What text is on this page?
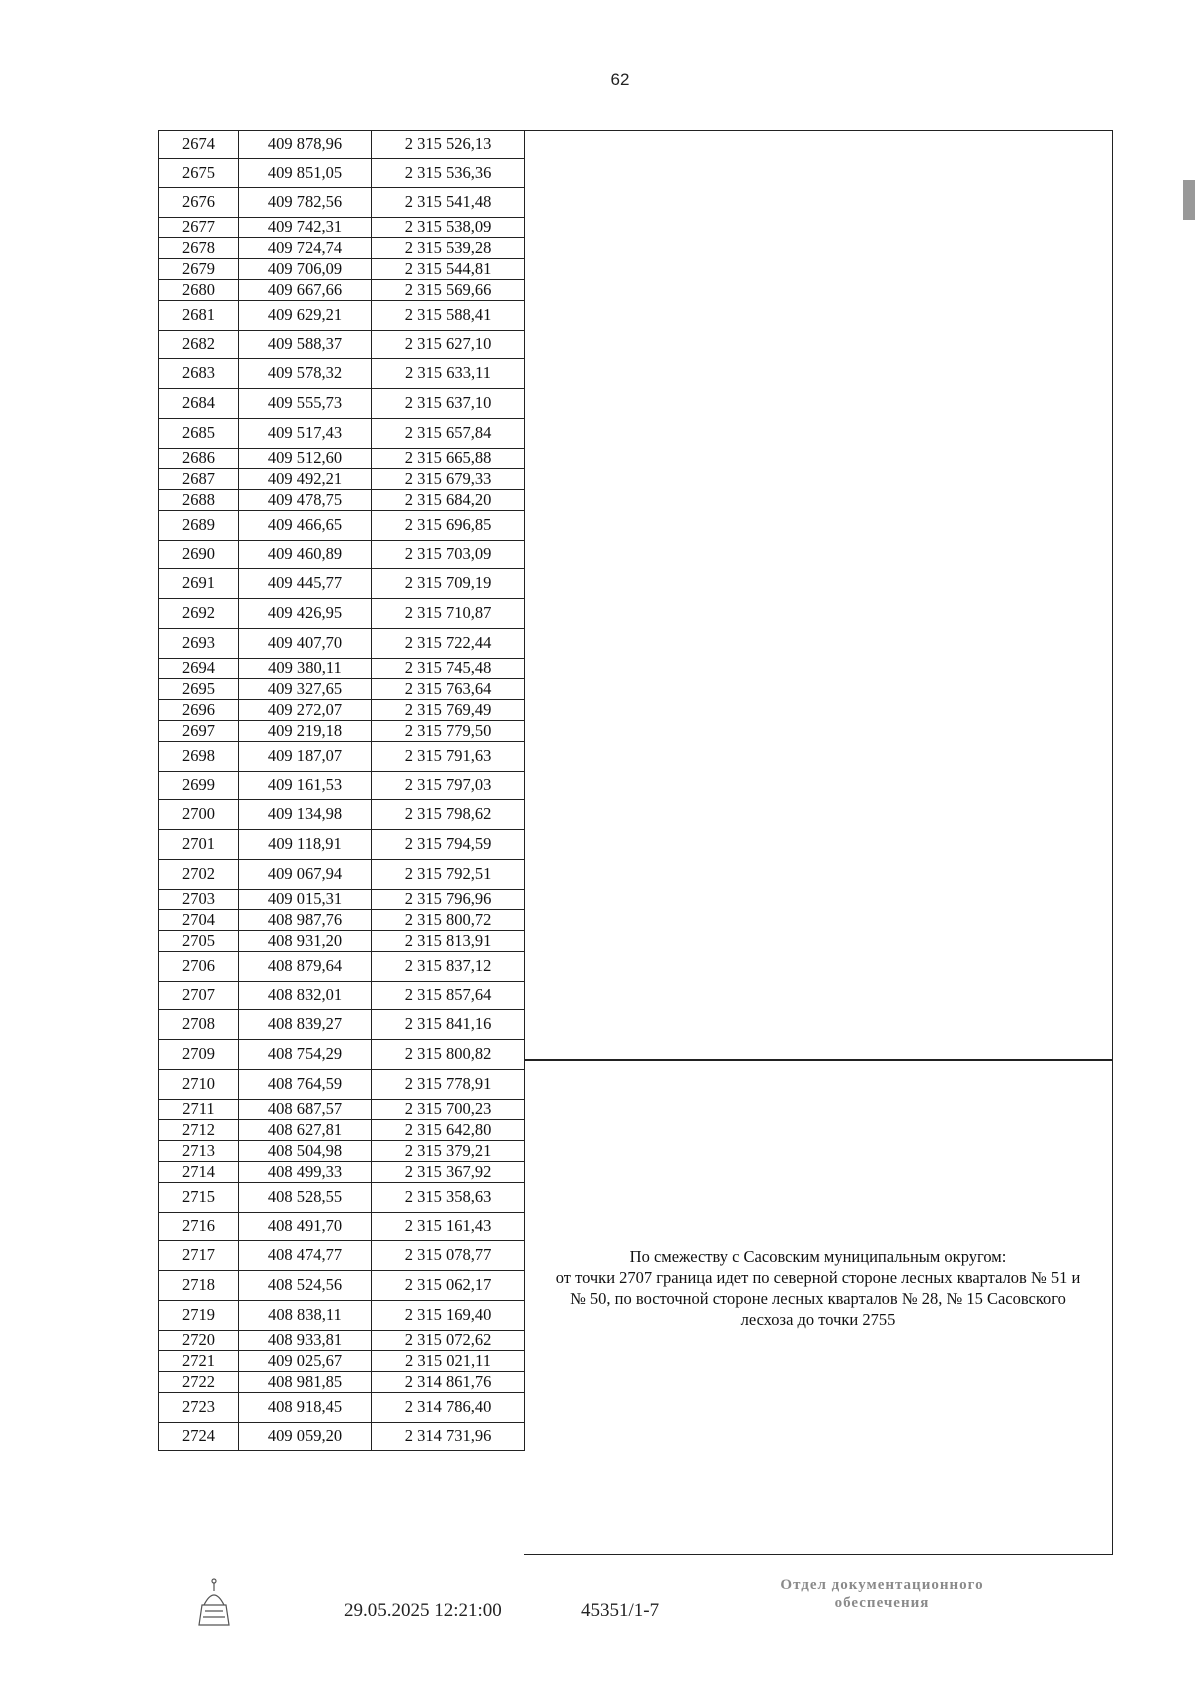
62
2674	409 878,96	2 315 526,13
2675	409 851,05	2 315 536,36
2676	409 782,56	2 315 541,48
2677	409 742,31	2 315 538,09
2678	409 724,74	2 315 539,28
2679	409 706,09	2 315 544,81
2680	409 667,66	2 315 569,66
2681	409 629,21	2 315 588,41
2682	409 588,37	2 315 627,10
2683	409 578,32	2 315 633,11
2684	409 555,73	2 315 637,10
2685	409 517,43	2 315 657,84
2686	409 512,60	2 315 665,88
2687	409 492,21	2 315 679,33
2688	409 478,75	2 315 684,20
2689	409 466,65	2 315 696,85
2690	409 460,89	2 315 703,09
2691	409 445,77	2 315 709,19
2692	409 426,95	2 315 710,87
2693	409 407,70	2 315 722,44
2694	409 380,11	2 315 745,48
2695	409 327,65	2 315 763,64
2696	409 272,07	2 315 769,49
2697	409 219,18	2 315 779,50
2698	409 187,07	2 315 791,63
2699	409 161,53	2 315 797,03
2700	409 134,98	2 315 798,62
2701	409 118,91	2 315 794,59
2702	409 067,94	2 315 792,51
2703	409 015,31	2 315 796,96
2704	408 987,76	2 315 800,72
2705	408 931,20	2 315 813,91
2706	408 879,64	2 315 837,12
2707	408 832,01	2 315 857,64
2708	408 839,27	2 315 841,16
2709	408 754,29	2 315 800,82
2710	408 764,59	2 315 778,91
2711	408 687,57	2 315 700,23
2712	408 627,81	2 315 642,80
2713	408 504,98	2 315 379,21
2714	408 499,33	2 315 367,92
2715	408 528,55	2 315 358,63
2716	408 491,70	2 315 161,43
2717	408 474,77	2 315 078,77
2718	408 524,56	2 315 062,17
2719	408 838,11	2 315 169,40
2720	408 933,81	2 315 072,62
2721	409 025,67	2 315 021,11
2722	408 981,85	2 314 861,76
2723	408 918,45	2 314 786,40
2724	409 059,20	2 314 731,96
По смежеству с Сасовским муниципальным округом:
от точки 2707 граница идет по северной стороне лесных кварталов № 51 и
№ 50, по восточной стороне лесных кварталов № 28, № 15 Сасовского
лесхоза до точки 2755
29.05.2025 12:21:00	45351/1-7
Отдел документационного
обеспечения
